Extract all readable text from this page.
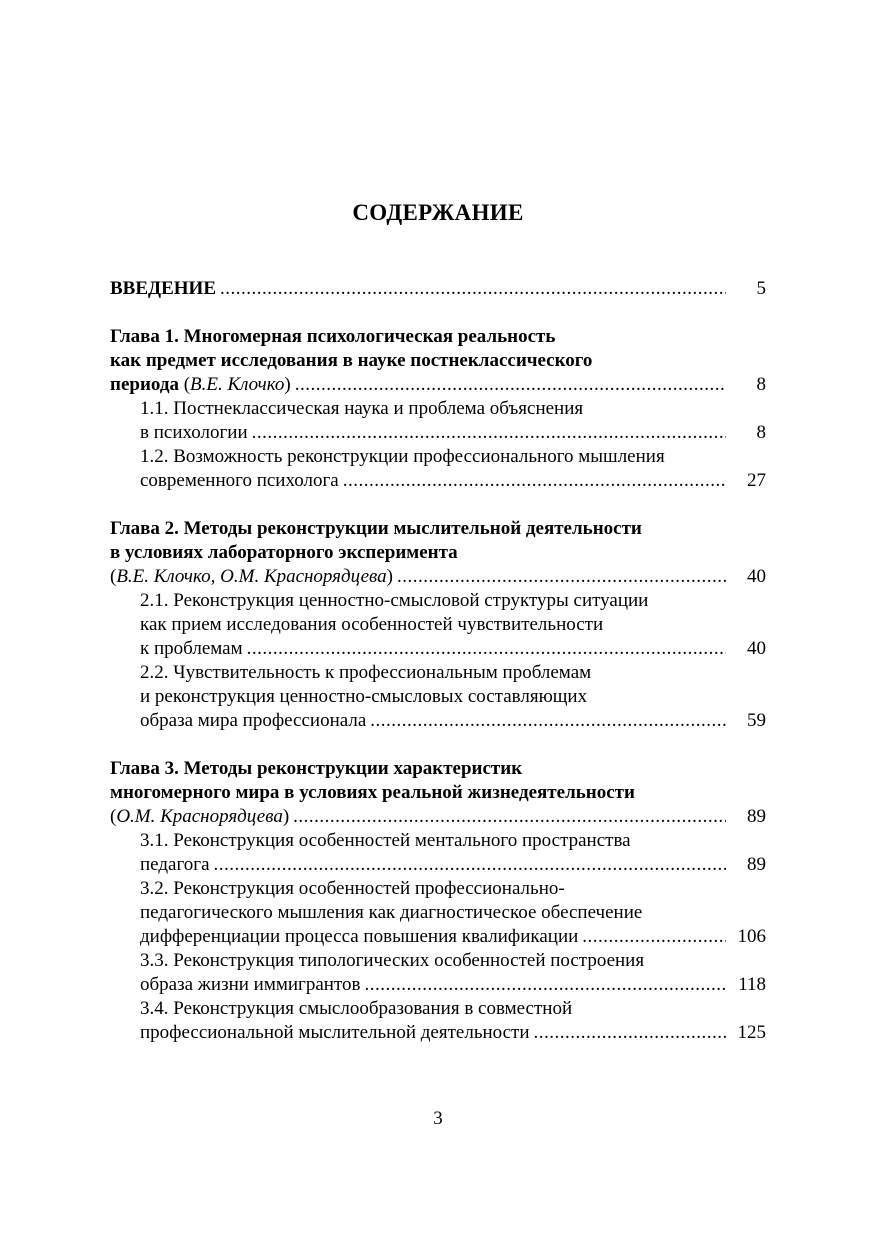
СОДЕРЖАНИЕ
ВВЕДЕНИЕ .....	5
Глава 1. Многомерная психологическая реальность
как предмет исследования в науке постнеклассического
периода (В.Е. Клочко) .....	8
1.1. Постнеклассическая наука и проблема объяснения
в психологии .....	8
1.2. Возможность реконструкции профессионального мышления
современного психолога .....	27
Глава 2. Методы реконструкции мыслительной деятельности
в условиях лабораторного эксперимента
(В.Е. Клочко, О.М. Краснорядцева) .....	40
2.1. Реконструкция ценностно-смысловой структуры ситуации
как прием исследования особенностей чувствительности
к проблемам .....	40
2.2. Чувствительность к профессиональным проблемам
и реконструкция ценностно-смысловых составляющих
образа мира профессионала .....	59
Глава 3. Методы реконструкции характеристик
многомерного мира в условиях реальной жизнедеятельности
(О.М. Краснорядцева) .....	89
3.1. Реконструкция особенностей ментального пространства
педагога .....	89
3.2. Реконструкция особенностей профессионально-
педагогического мышления как диагностическое обеспечение
дифференциации процесса повышения квалификации .....	106
3.3. Реконструкция типологических особенностей построения
образа жизни иммигрантов .....	118
3.4. Реконструкция смыслообразования в совместной
профессиональной мыслительной деятельности .....	125
3
